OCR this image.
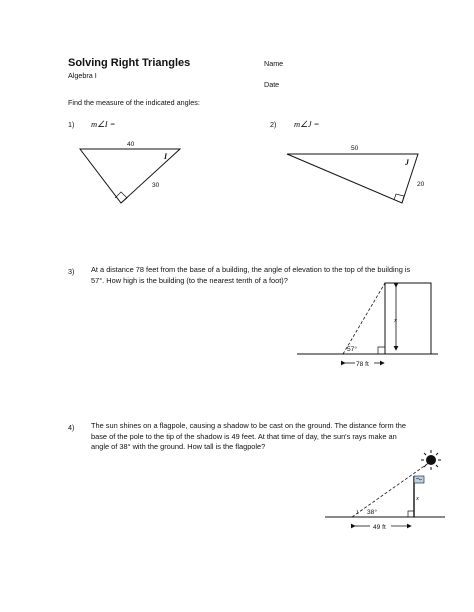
Solving Right Triangles
Algebra I
Name
Date
Find the measure of the indicated angles:
1) m∠I =	2) m∠J =
3) At a distance 78 feet from the base of a building, the angle of elevation to the top of the building is 57°. How high is the building (to the nearest tenth of a foot)?
4) The sun shines on a flagpole, causing a shadow to be cast on the ground. The distance form the base of the pole to the tip of the shadow is 49 feet. At that time of day, the sun's rays make an angle of 38° with the ground. How tall is the flagpole?
40
30
I
50
20
J
x
57°
78 ft
x
38°
49 ft
